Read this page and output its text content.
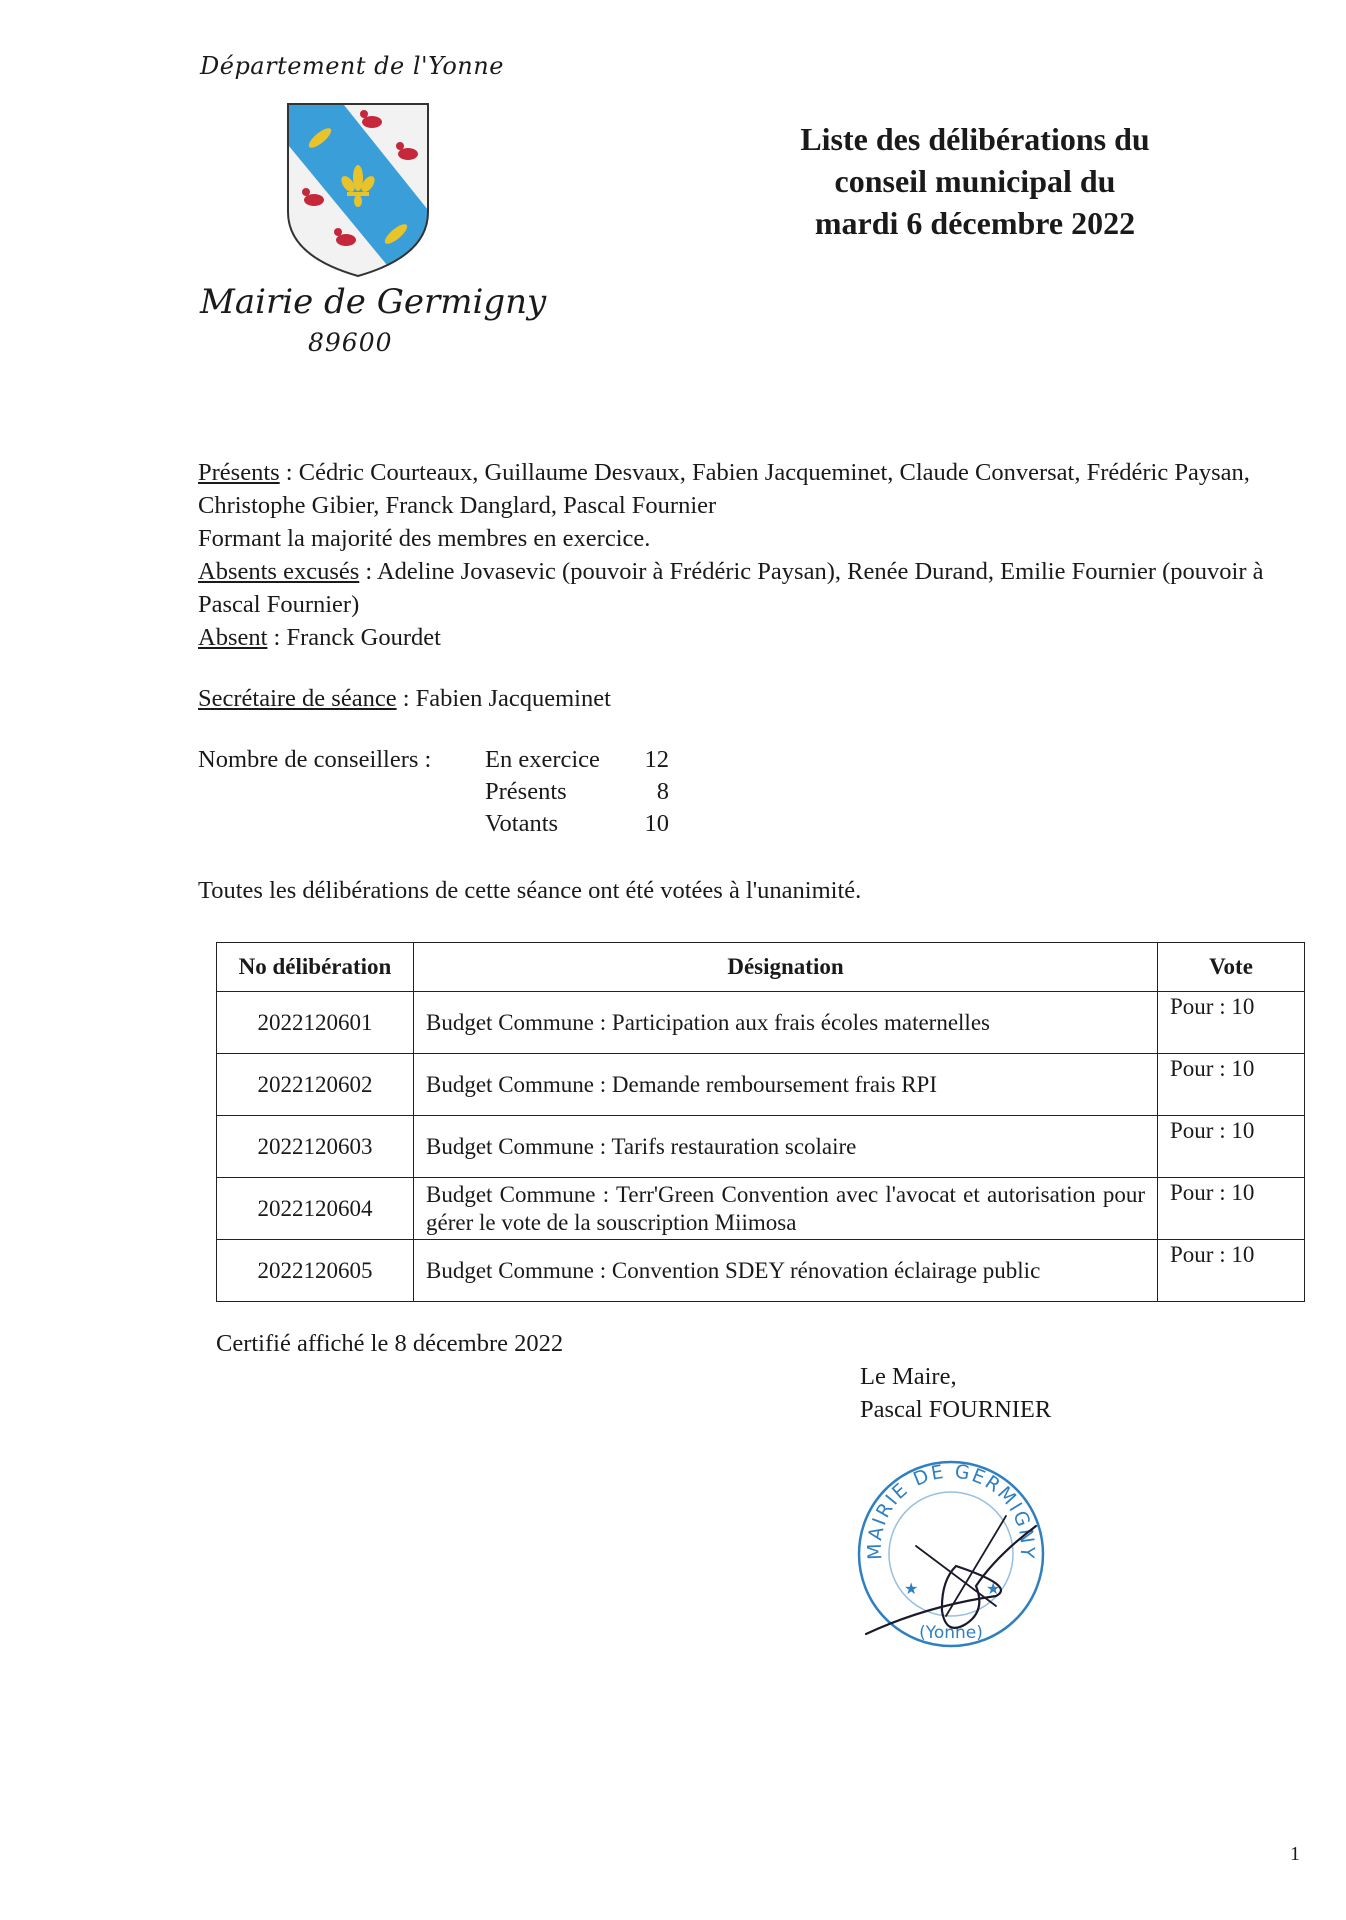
Département de l'Yonne
Mairie de Germigny
89600
Liste des délibérations du
conseil municipal du
mardi 6 décembre 2022
Présents : Cédric Courteaux, Guillaume Desvaux, Fabien Jacqueminet, Claude Conversat, Frédéric Paysan, Christophe Gibier, Franck Danglard, Pascal Fournier
Formant la majorité des membres en exercice.
Absents excusés : Adeline Jovasevic (pouvoir à Frédéric Paysan), Renée Durand, Emilie Fournier (pouvoir à Pascal Fournier)
Absent : Franck Gourdet
Secrétaire de séance : Fabien Jacqueminet
Nombre de conseillers :	En exercice	12
	Présents	8
	Votants	10
Toutes les délibérations de cette séance ont été votées à l'unanimité.
No délibération	Désignation	Vote
2022120601	Budget Commune : Participation aux frais écoles maternelles	Pour : 10
2022120602	Budget Commune : Demande remboursement frais RPI	Pour : 10
2022120603	Budget Commune : Tarifs restauration scolaire	Pour : 10
2022120604	Budget Commune : Terr'Green Convention avec l'avocat et autorisation pour gérer le vote de la souscription Miimosa	Pour : 10
2022120605	Budget Commune : Convention SDEY rénovation éclairage public	Pour : 10
Certifié affiché le 8 décembre 2022
Le Maire,
Pascal FOURNIER
MAIRIE DE GERMIGNY
★	★
(Yonne)
1
